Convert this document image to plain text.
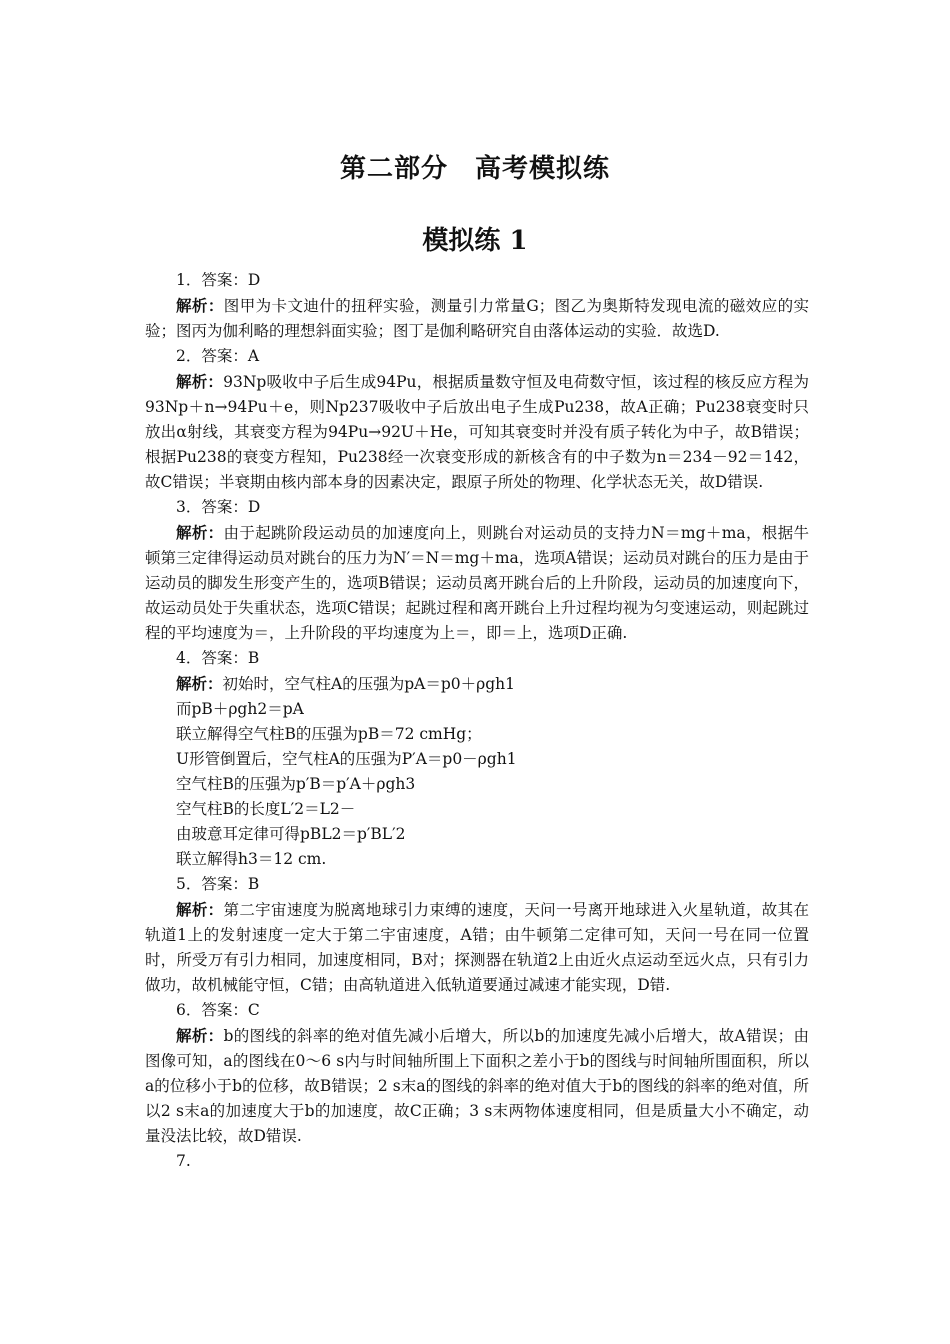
第二部分　高考模拟练
模拟练 1

1．答案：D

解析：图甲为卡文迪什的扭秤实验，测量引力常量G；图乙为奥斯特发现电流的磁效应的实验；图丙为伽利略的理想斜面实验；图丁是伽利略研究自由落体运动的实验．故选D.

2．答案：A

解析：93Np吸收中子后生成94Pu，根据质量数守恒及电荷数守恒，该过程的核反应方程为93Np＋n→94Pu＋e，则Np237吸收中子后放出电子生成Pu238，故A正确；Pu238衰变时只放出α射线，其衰变方程为94Pu→92U＋He，可知其衰变时并没有质子转化为中子，故B错误；根据Pu238的衰变方程知，Pu238经一次衰变形成的新核含有的中子数为n＝234－92＝142，故C错误；半衰期由核内部本身的因素决定，跟原子所处的物理、化学状态无关，故D错误.

3．答案：D

解析：由于起跳阶段运动员的加速度向上，则跳台对运动员的支持力N＝mg＋ma，根据牛顿第三定律得运动员对跳台的压力为N′＝N＝mg＋ma，选项A错误；运动员对跳台的压力是由于运动员的脚发生形变产生的，选项B错误；运动员离开跳台后的上升阶段，运动员的加速度向下，故运动员处于失重状态，选项C错误；起跳过程和离开跳台上升过程均视为匀变速运动，则起跳过程的平均速度为＝，上升阶段的平均速度为上＝，即＝上，选项D正确.

4．答案：B

解析：初始时，空气柱A的压强为pA＝p0＋ρgh1

而pB＋ρgh2＝pA

联立解得空气柱B的压强为pB＝72 cmHg；

U形管倒置后，空气柱A的压强为P′A＝p0－ρgh1

空气柱B的压强为p′B＝p′A＋ρgh3

空气柱B的长度L′2＝L2－

由玻意耳定律可得pBL2＝p′BL′2

联立解得h3＝12 cm.

5．答案：B

解析：第二宇宙速度为脱离地球引力束缚的速度，天问一号离开地球进入火星轨道，故其在轨道1上的发射速度一定大于第二宇宙速度，A错；由牛顿第二定律可知，天问一号在同一位置时，所受万有引力相同，加速度相同，B对；探测器在轨道2上由近火点运动至远火点，只有引力做功，故机械能守恒，C错；由高轨道进入低轨道要通过减速才能实现，D错.

6．答案：C

解析：b的图线的斜率的绝对值先减小后增大，所以b的加速度先减小后增大，故A错误；由图像可知，a的图线在0～6 s内与时间轴所围上下面积之差小于b的图线与时间轴所围面积，所以a的位移小于b的位移，故B错误；2 s末a的图线的斜率的绝对值大于b的图线的斜率的绝对值，所以2 s末a的加速度大于b的加速度，故C正确；3 s末两物体速度相同，但是质量大小不确定，动量没法比较，故D错误.

7.
